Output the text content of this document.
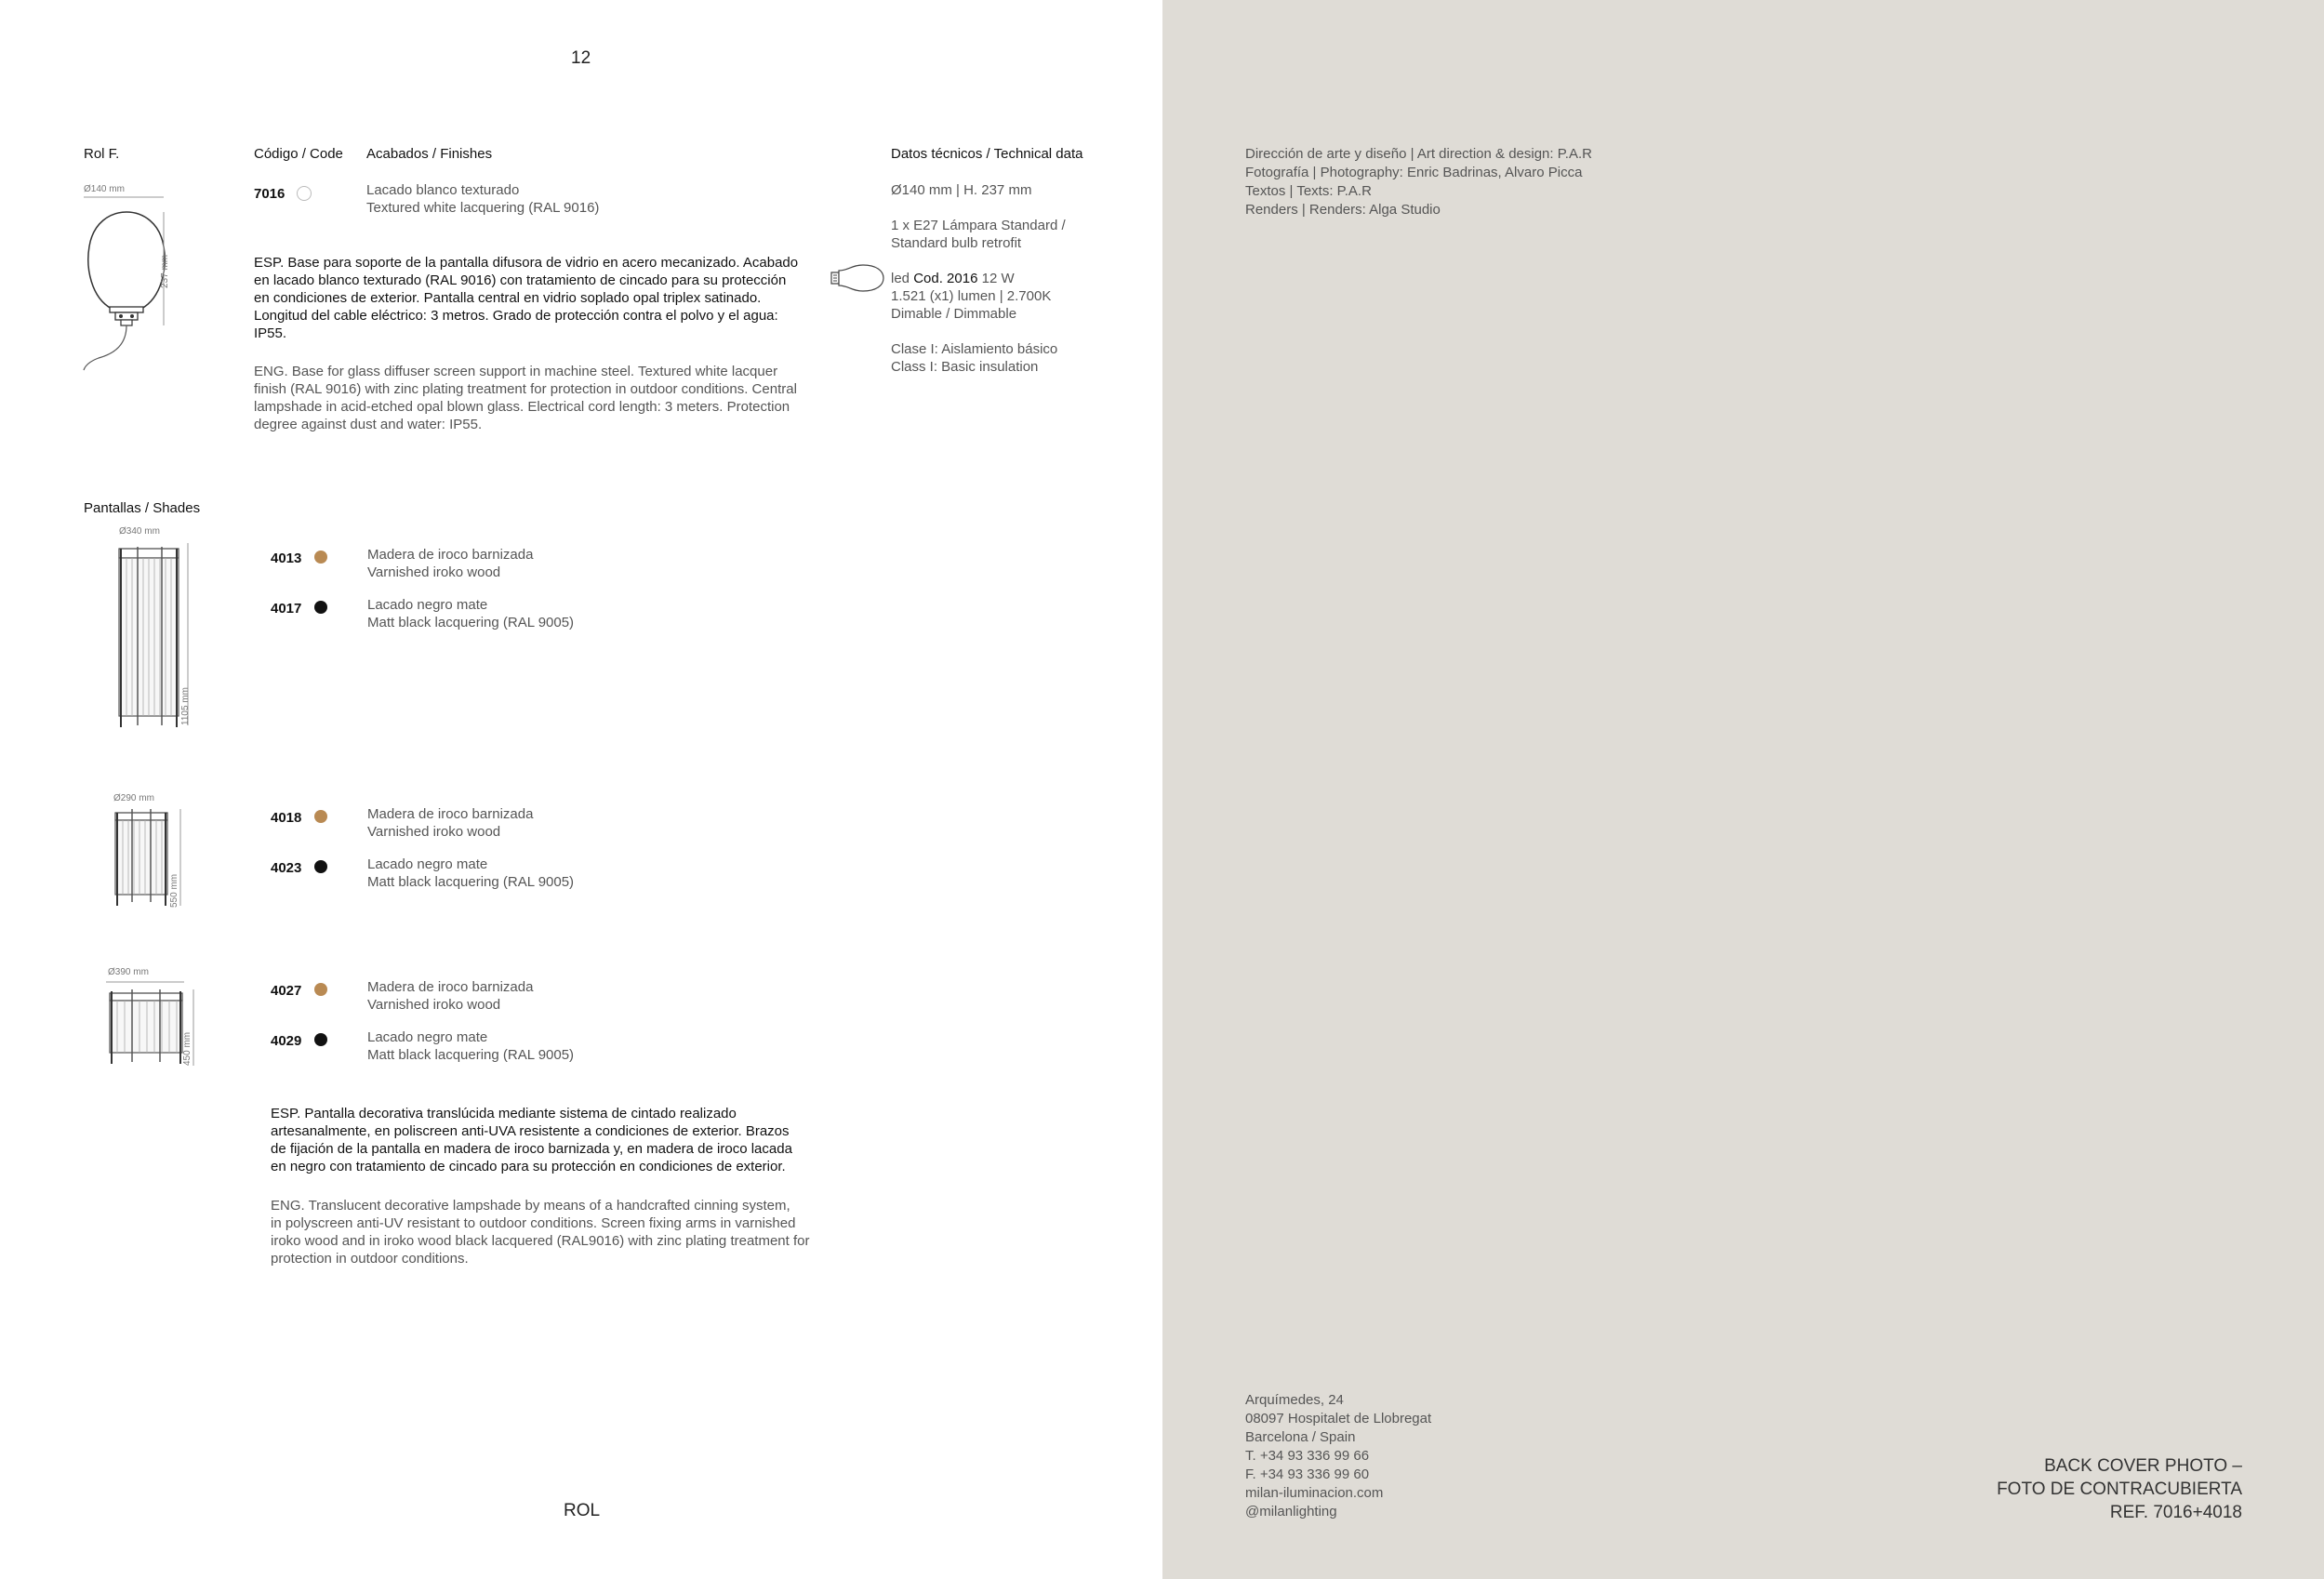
12
Rol F.	Código / Code Acabados / Finishes	Datos técnicos / Technical data
Ø140 mm
237 mm
7016	Lacado blanco texturado
Textured white lacquering (RAL 9016)
ESP. Base para soporte de la pantalla difusora de vidrio en acero mecanizado. Acabado
en lacado blanco texturado (RAL 9016) con tratamiento de cincado para su protección
en condiciones de exterior. Pantalla central en vidrio soplado opal triplex satinado.
Longitud del cable eléctrico: 3 metros. Grado de protección contra el polvo y el agua:
IP55.
ENG. Base for glass diffuser screen support in machine steel. Textured white lacquer
finish (RAL 9016) with zinc plating treatment for protection in outdoor conditions. Central
lampshade in acid-etched opal blown glass. Electrical cord length: 3 meters. Protection
degree against dust and water: IP55.
Ø140 mm | H. 237 mm
1 x E27 Lámpara Standard /
Standard bulb retrofit
led Cod. 2016 12 W
1.521 (x1) lumen | 2.700K
Dimable / Dimmable
Clase I: Aislamiento básico
Class I: Basic insulation
Pantallas / Shades
Ø340 mm
1105 mm
4013	Madera de iroco barnizada
Varnished iroko wood
4017	Lacado negro mate
Matt black lacquering (RAL 9005)
Ø290 mm
550 mm
4018	Madera de iroco barnizada
Varnished iroko wood
4023	Lacado negro mate
Matt black lacquering (RAL 9005)
Ø390 mm
450 mm
4027	Madera de iroco barnizada
Varnished iroko wood
4029	Lacado negro mate
Matt black lacquering (RAL 9005)
ESP. Pantalla decorativa translúcida mediante sistema de cintado realizado
artesanalmente, en poliscreen anti-UVA resistente a condiciones de exterior. Brazos
de fijación de la pantalla en madera de iroco barnizada y, en madera de iroco lacada
en negro con tratamiento de cincado para su protección en condiciones de exterior.
ENG. Translucent decorative lampshade by means of a handcrafted cinning system,
in polyscreen anti-UV resistant to outdoor conditions. Screen fixing arms in varnished
iroko wood and in iroko wood black lacquered (RAL9016) with zinc plating treatment for
protection in outdoor conditions.
ROL
Dirección de arte y diseño | Art direction & design: P.A.R
Fotografía | Photography: Enric Badrinas, Alvaro Picca
Textos | Texts: P.A.R
Renders | Renders: Alga Studio
Arquímedes, 24
08097 Hospitalet de Llobregat
Barcelona / Spain
T. +34 93 336 99 66
F. +34 93 336 99 60
milan-iluminacion.com
@milanlighting
BACK COVER PHOTO –
FOTO DE CONTRACUBIERTA
REF. 7016+4018
